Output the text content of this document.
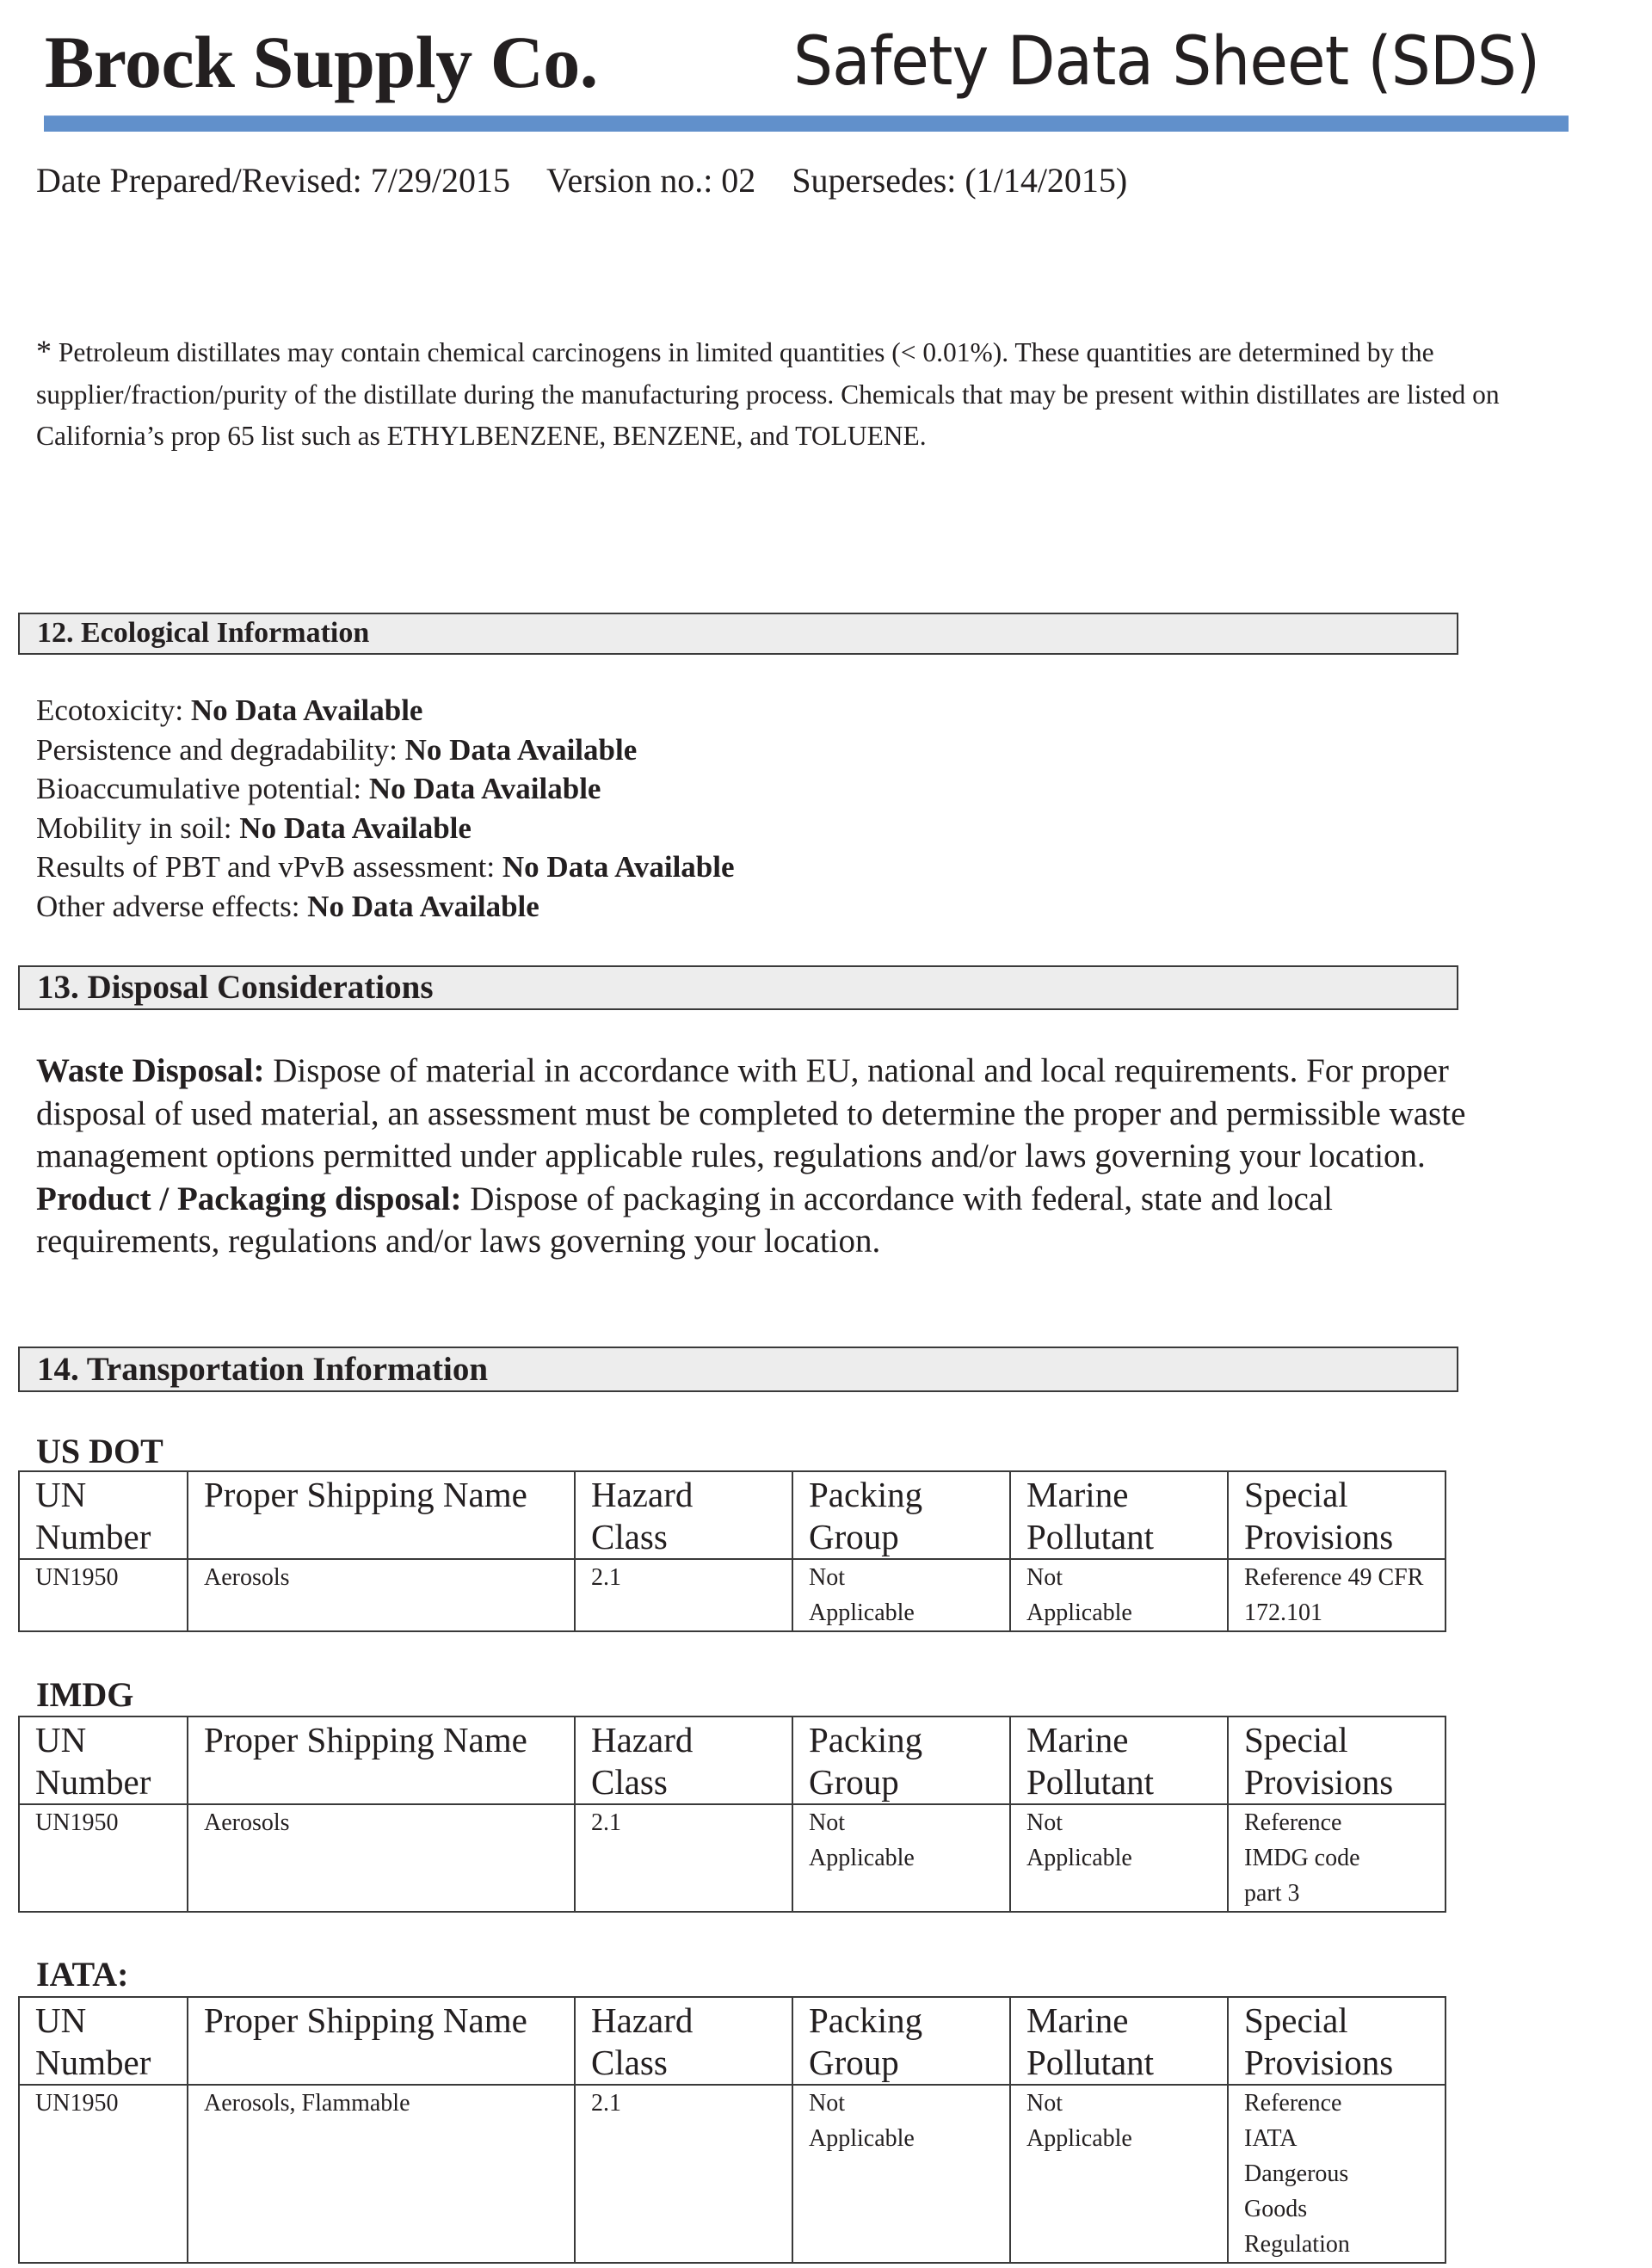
Brock Supply Co.	Safety Data Sheet (SDS)
Date Prepared/Revised: 7/29/2015 Version no.: 02 Supersedes: (1/14/2015)
* Petroleum distillates may contain chemical carcinogens in limited quantities (< 0.01%). These quantities are determined by the supplier/fraction/purity of the distillate during the manufacturing process. Chemicals that may be present within distillates are listed on California’s prop 65 list such as ETHYLBENZENE, BENZENE, and TOLUENE.
12. Ecological Information
Ecotoxicity: No Data Available
Persistence and degradability: No Data Available
Bioaccumulative potential: No Data Available
Mobility in soil: No Data Available
Results of PBT and vPvB assessment: No Data Available
Other adverse effects: No Data Available
13. Disposal Considerations
Waste Disposal: Dispose of material in accordance with EU, national and local requirements. For proper disposal of used material, an assessment must be completed to determine the proper and permissible waste management options permitted under applicable rules, regulations and/or laws governing your location.
Product / Packaging disposal: Dispose of packaging in accordance with federal, state and local requirements, regulations and/or laws governing your location.
14. Transportation Information
US DOT
UN Number	Proper Shipping Name	Hazard Class	Packing Group	Marine Pollutant	Special Provisions
UN1950	Aerosols	2.1	Not Applicable	Not Applicable	Reference 49 CFR 172.101
IMDG
UN Number	Proper Shipping Name	Hazard Class	Packing Group	Marine Pollutant	Special Provisions
UN1950	Aerosols	2.1	Not Applicable	Not Applicable	Reference IMDG code part 3
IATA:
UN Number	Proper Shipping Name	Hazard Class	Packing Group	Marine Pollutant	Special Provisions
UN1950	Aerosols, Flammable	2.1	Not Applicable	Not Applicable	Reference IATA Dangerous Goods Regulation
